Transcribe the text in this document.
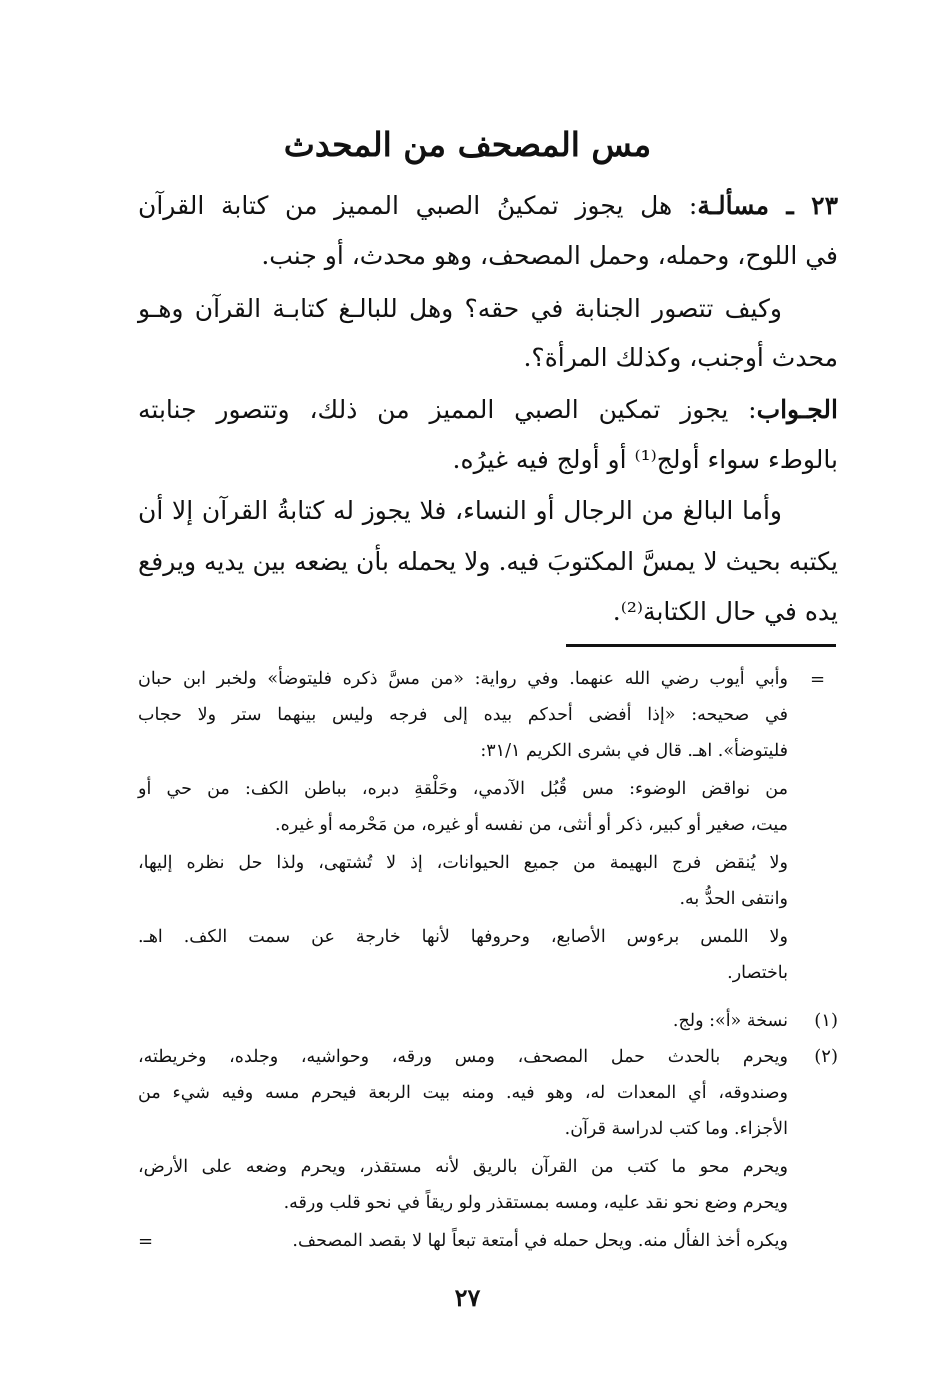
مس المصحف من المحدث
٢٣ ـ مسألـة: هل يجوز تمكينُ الصبي المميز من كتابة القرآن
في اللوح، وحمله، وحمل المصحف، وهو محدث، أو جنب.
وكيف تتصور الجنابة في حقه؟ وهل للبالـغ كتابـة القرآن وهـو
محدث أوجنب، وكذلك المرأة؟.
الجـواب: يجوز تمكين الصبي المميز من ذلك، وتتصور جنابته
بالوطء سواء أولج⁽¹⁾ أو أولج فيه غيرُه.
وأما البالغ من الرجال أو النساء، فلا يجوز له كتابةُ القرآن إلا أن
يكتبه بحيث لا يمسَّ المكتوبَ فيه. ولا يحمله بأن يضعه بين يديه ويرفع
يده في حال الكتابة⁽²⁾.
=
وأبي أيوب رضي الله عنهما. وفي رواية: «من مسَّ ذكره فليتوضأ» ولخبر ابن حبان
في صحيحه: «إذا أفضى أحدكم بيده إلى فرجه وليس بينهما ستر ولا حجاب
فليتوضأ». اهـ. قال في بشرى الكريم ٣١/١:
من نواقض الوضوء: مس قُبُل الآدمي، وحَلْقةِ دبره، بباطن الكف: من حي أو
ميت، صغير أو كبير، ذكر أو أنثى، من نفسه أو غيره، من مَحْرمه أو غيره.
ولا يُنقض فرج البهيمة من جميع الحيوانات، إذ لا تُشتهى، ولذا حل نظره إليها،
وانتفى الحدُّ به.
ولا اللمس برءوس الأصابع، وحروفها لأنها خارجة عن سمت الكف. اهـ.
باختصار.
(١)
نسخة «أ»: ولج.
(٢)
ويحرم بالحدث حمل المصحف، ومس ورقه، وحواشيه، وجلده، وخريطته،
وصندوقه، أي المعدات له، وهو فيه. ومنه بيت الربعة فيحرم مسه وفيه شيء من
الأجزاء. وما كتب لدراسة قرآن.
ويحرم محو ما كتب من القرآن بالريق لأنه مستقذر، ويحرم وضعه على الأرض،
ويحرم وضع نحو نقد عليه، ومسه بمستقذر ولو ريقاً في نحو قلب ورقه.
ويكره أخذ الفأل منه. ويحل حمله في أمتعة تبعاً لها لا بقصد المصحف.
=
٢٧
